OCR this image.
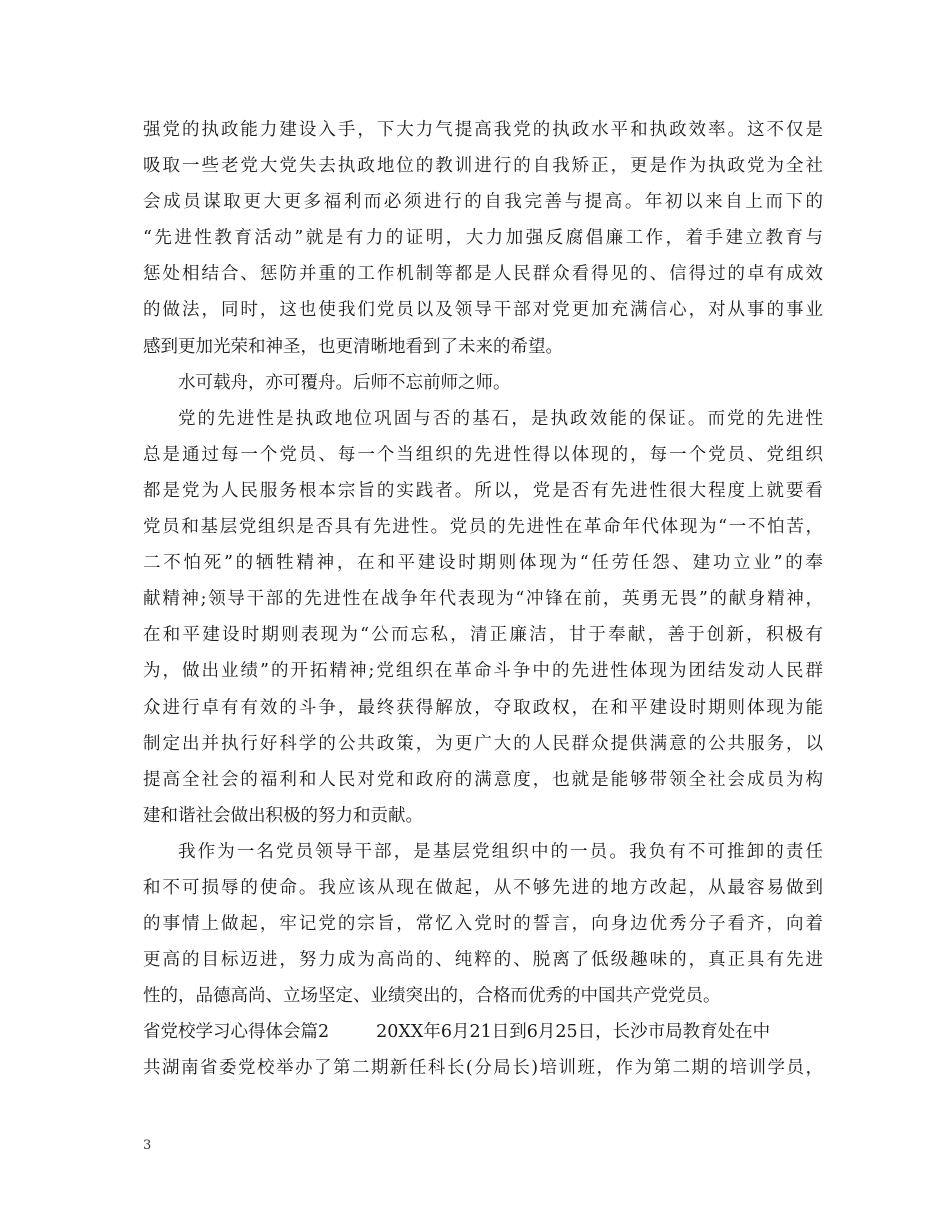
强党的执政能力建设入手，下大力气提高我党的执政水平和执政效率。这不仅是
吸取一些老党大党失去执政地位的教训进行的自我矫正，更是作为执政党为全社
会成员谋取更大更多福利而必须进行的自我完善与提高。年初以来自上而下的
“先进性教育活动”就是有力的证明，大力加强反腐倡廉工作，着手建立教育与
惩处相结合、惩防并重的工作机制等都是人民群众看得见的、信得过的卓有成效
的做法，同时，这也使我们党员以及领导干部对党更加充满信心，对从事的事业
感到更加光荣和神圣，也更清晰地看到了未来的希望。
水可载舟，亦可覆舟。后师不忘前师之师。
党的先进性是执政地位巩固与否的基石，是执政效能的保证。而党的先进性
总是通过每一个党员、每一个当组织的先进性得以体现的，每一个党员、党组织
都是党为人民服务根本宗旨的实践者。所以，党是否有先进性很大程度上就要看
党员和基层党组织是否具有先进性。党员的先进性在革命年代体现为“一不怕苦，
二不怕死”的牺牲精神，在和平建设时期则体现为“任劳任怨、建功立业”的奉
献精神;领导干部的先进性在战争年代表现为“冲锋在前，英勇无畏”的献身精神，
在和平建设时期则表现为“公而忘私，清正廉洁，甘于奉献，善于创新，积极有
为，做出业绩”的开拓精神;党组织在革命斗争中的先进性体现为团结发动人民群
众进行卓有有效的斗争，最终获得解放，夺取政权，在和平建设时期则体现为能
制定出并执行好科学的公共政策，为更广大的人民群众提供满意的公共服务，以
提高全社会的福利和人民对党和政府的满意度，也就是能够带领全社会成员为构
建和谐社会做出积极的努力和贡献。
我作为一名党员领导干部，是基层党组织中的一员。我负有不可推卸的责任
和不可损辱的使命。我应该从现在做起，从不够先进的地方改起，从最容易做到
的事情上做起，牢记党的宗旨，常忆入党时的誓言，向身边优秀分子看齐，向着
更高的目标迈进，努力成为高尚的、纯粹的、脱离了低级趣味的，真正具有先进
性的，品德高尚、立场坚定、业绩突出的，合格而优秀的中国共产党党员。
省党校学习心得体会篇2	20XX年6月21日到6月25日，长沙市局教育处在中
共湖南省委党校举办了第二期新任科长(分局长)培训班，作为第二期的培训学员，
3
